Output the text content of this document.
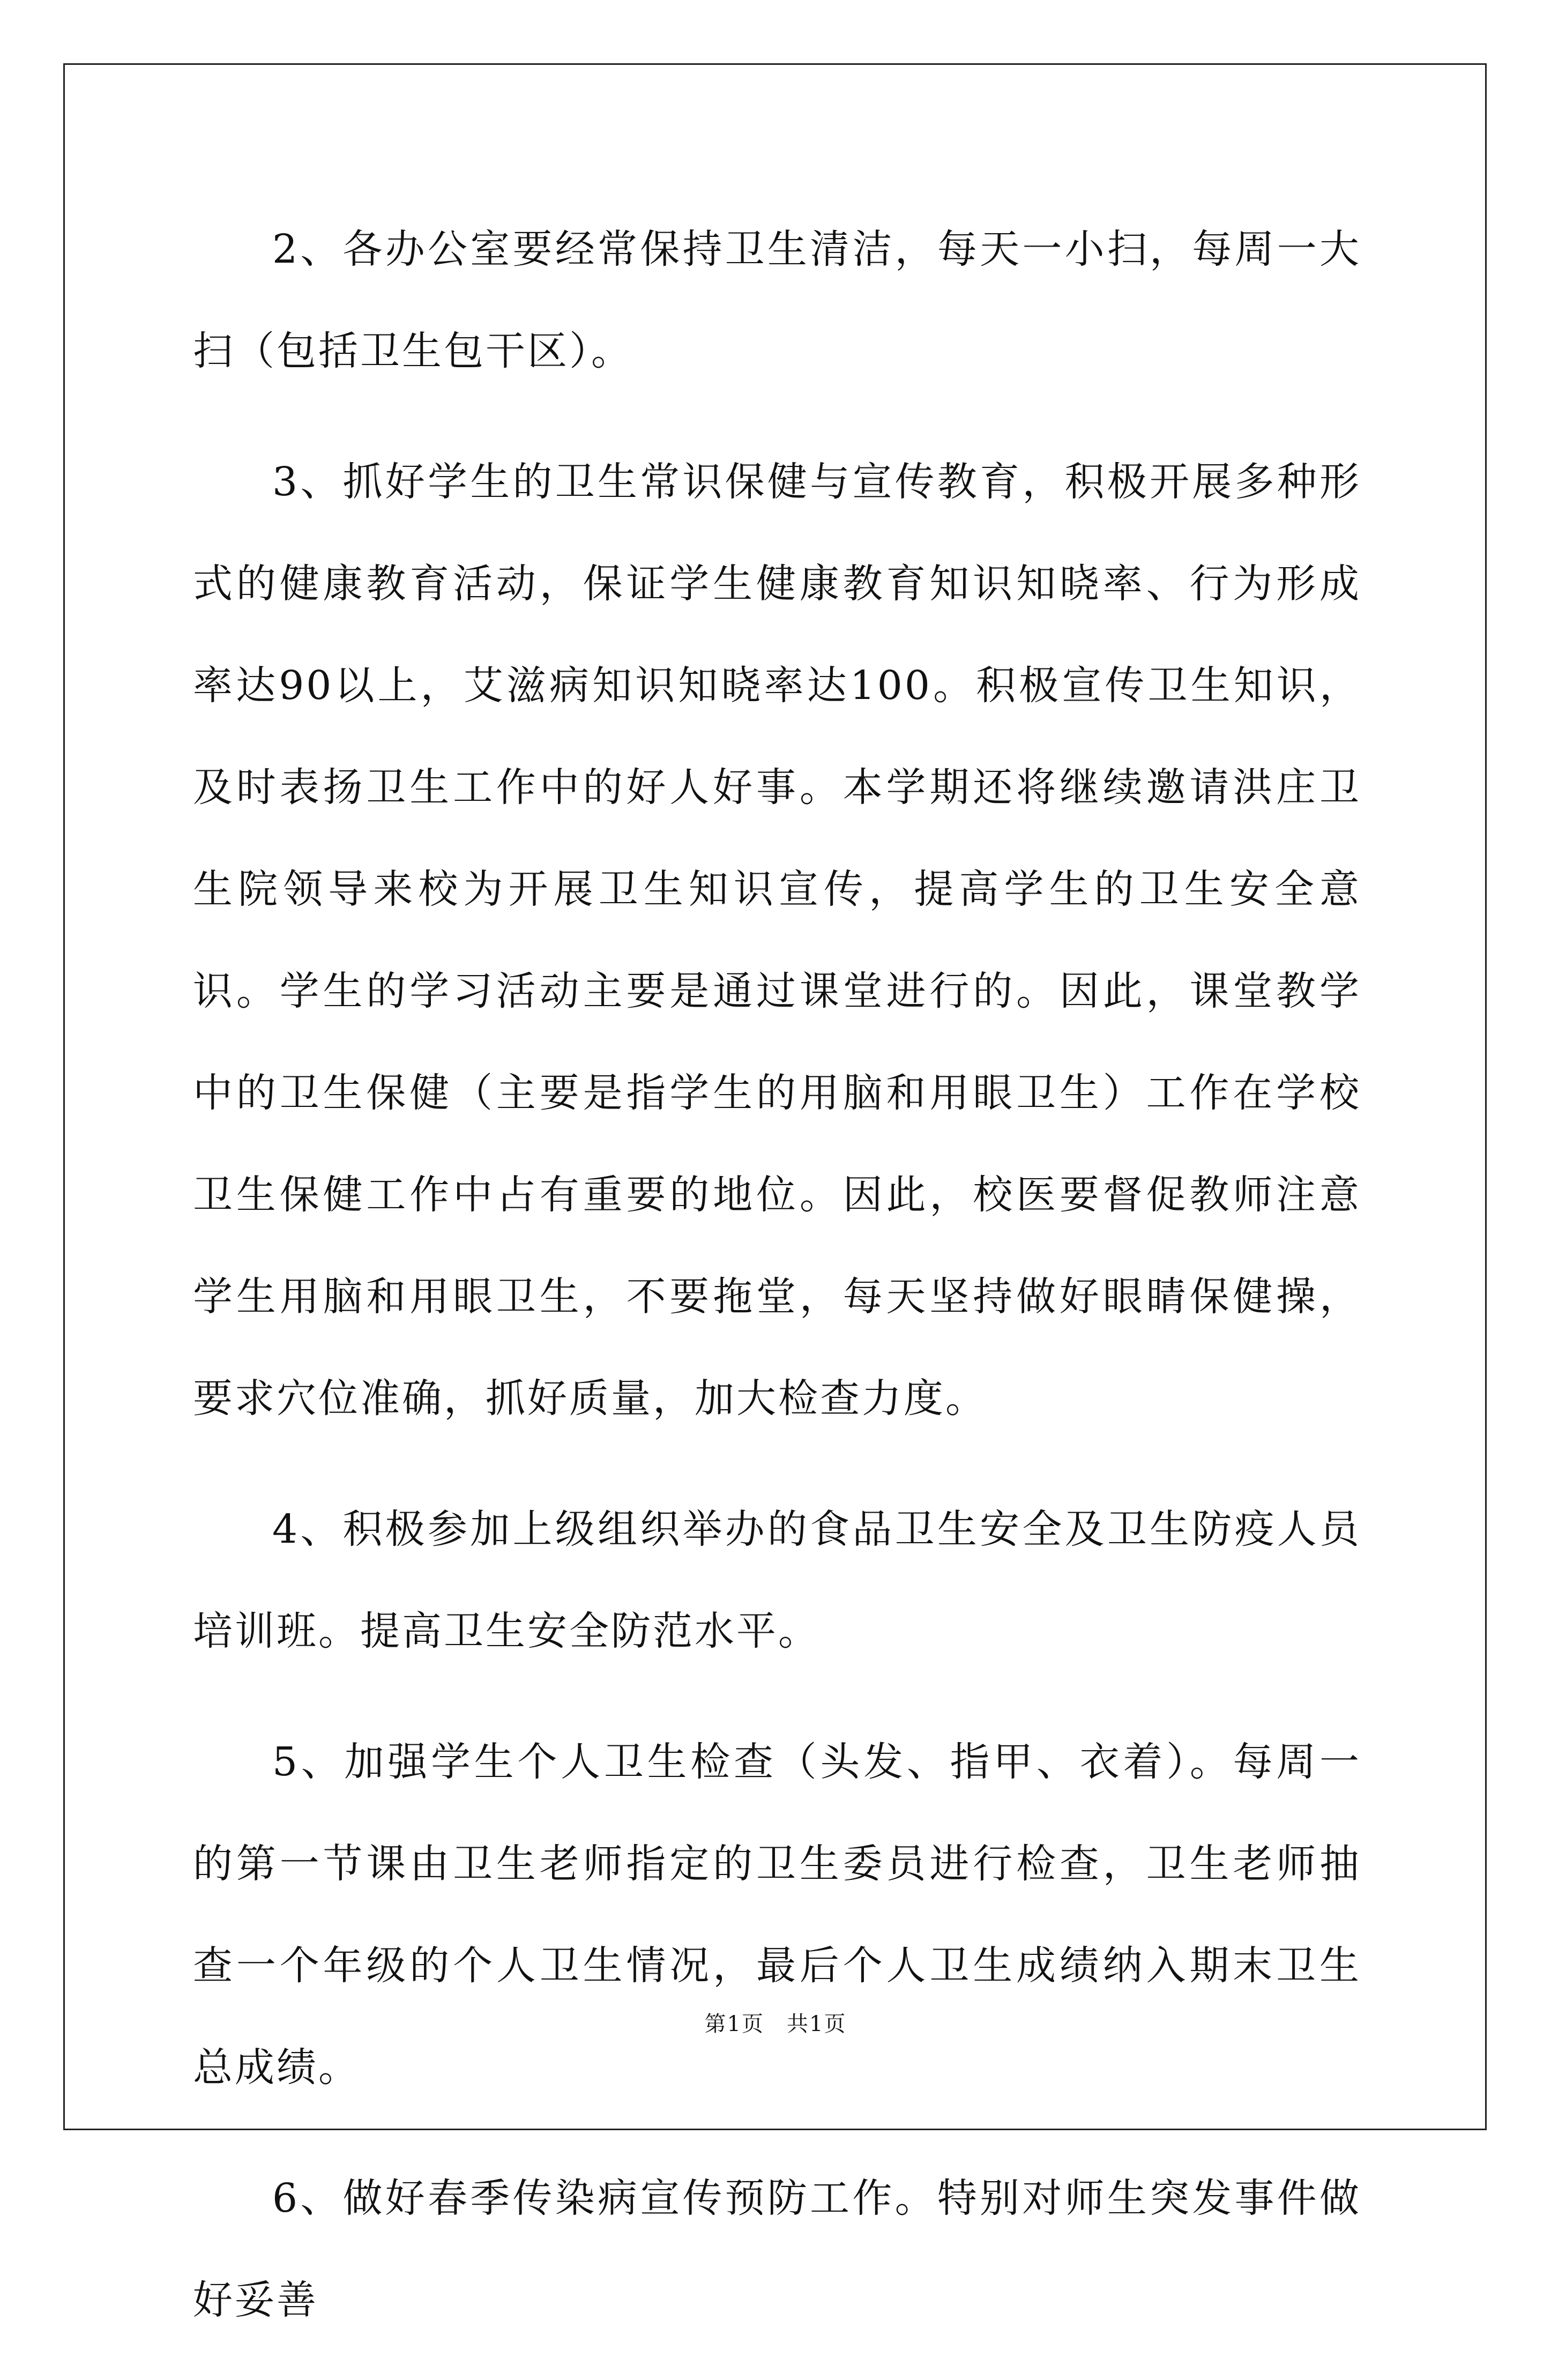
2、各办公室要经常保持卫生清洁，每天一小扫，每周一大扫（包括卫生包干区）。

3、抓好学生的卫生常识保健与宣传教育，积极开展多种形式的健康教育活动，保证学生健康教育知识知晓率、行为形成率达90以上，艾滋病知识知晓率达100。积极宣传卫生知识，及时表扬卫生工作中的好人好事。本学期还将继续邀请洪庄卫生院领导来校为开展卫生知识宣传，提高学生的卫生安全意识。学生的学习活动主要是通过课堂进行的。因此，课堂教学中的卫生保健（主要是指学生的用脑和用眼卫生）工作在学校卫生保健工作中占有重要的地位。因此，校医要督促教师注意学生用脑和用眼卫生，不要拖堂，每天坚持做好眼睛保健操，要求穴位准确，抓好质量，加大检查力度。

4、积极参加上级组织举办的食品卫生安全及卫生防疫人员培训班。提高卫生安全防范水平。

5、加强学生个人卫生检查（头发、指甲、衣着）。每周一的第一节课由卫生老师指定的卫生委员进行检查，卫生老师抽查一个年级的个人卫生情况，最后个人卫生成绩纳入期末卫生总成绩。

6、做好春季传染病宣传预防工作。特别对师生突发事件做好妥善

第1页　共1页
